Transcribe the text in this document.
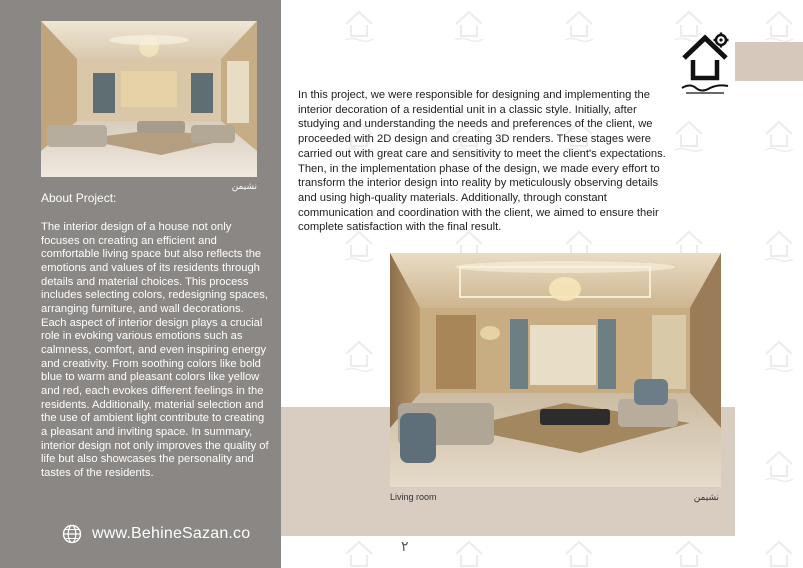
نشیمن
About Project:
The interior design of a house not only focuses on creating an efficient and comfortable living space but also reflects the emotions and values of its residents through details and material choices. This process includes selecting colors, redesigning spaces, arranging furniture, and wall decorations. Each aspect of interior design plays a crucial role in evoking various emotions such as calmness, comfort, and even inspiring energy and creativity. From soothing colors like bold blue to warm and pleasant colors like yellow and red, each evokes different feelings in the residents. Additionally, material selection and the use of ambient light contribute to creating a pleasant and inviting space. In summary, interior design not only improves the quality of life but also showcases the personality and tastes of the residents.
www.BehineSazan.co
In this project, we were responsible for designing and implementing the interior decoration of a residential unit in a classic style. Initially, after studying and understanding the needs and preferences of the client, we proceeded with 2D design and creating 3D renders. These stages were carried out with great care and sensitivity to meet the client's expectations. Then, in the implementation phase of the design, we made every effort to transform the interior design into reality by meticulously observing details and using high-quality materials. Additionally, through constant communication and coordination with the client, we aimed to ensure their complete satisfaction with the final result.
Living room	نشیمن
۲
